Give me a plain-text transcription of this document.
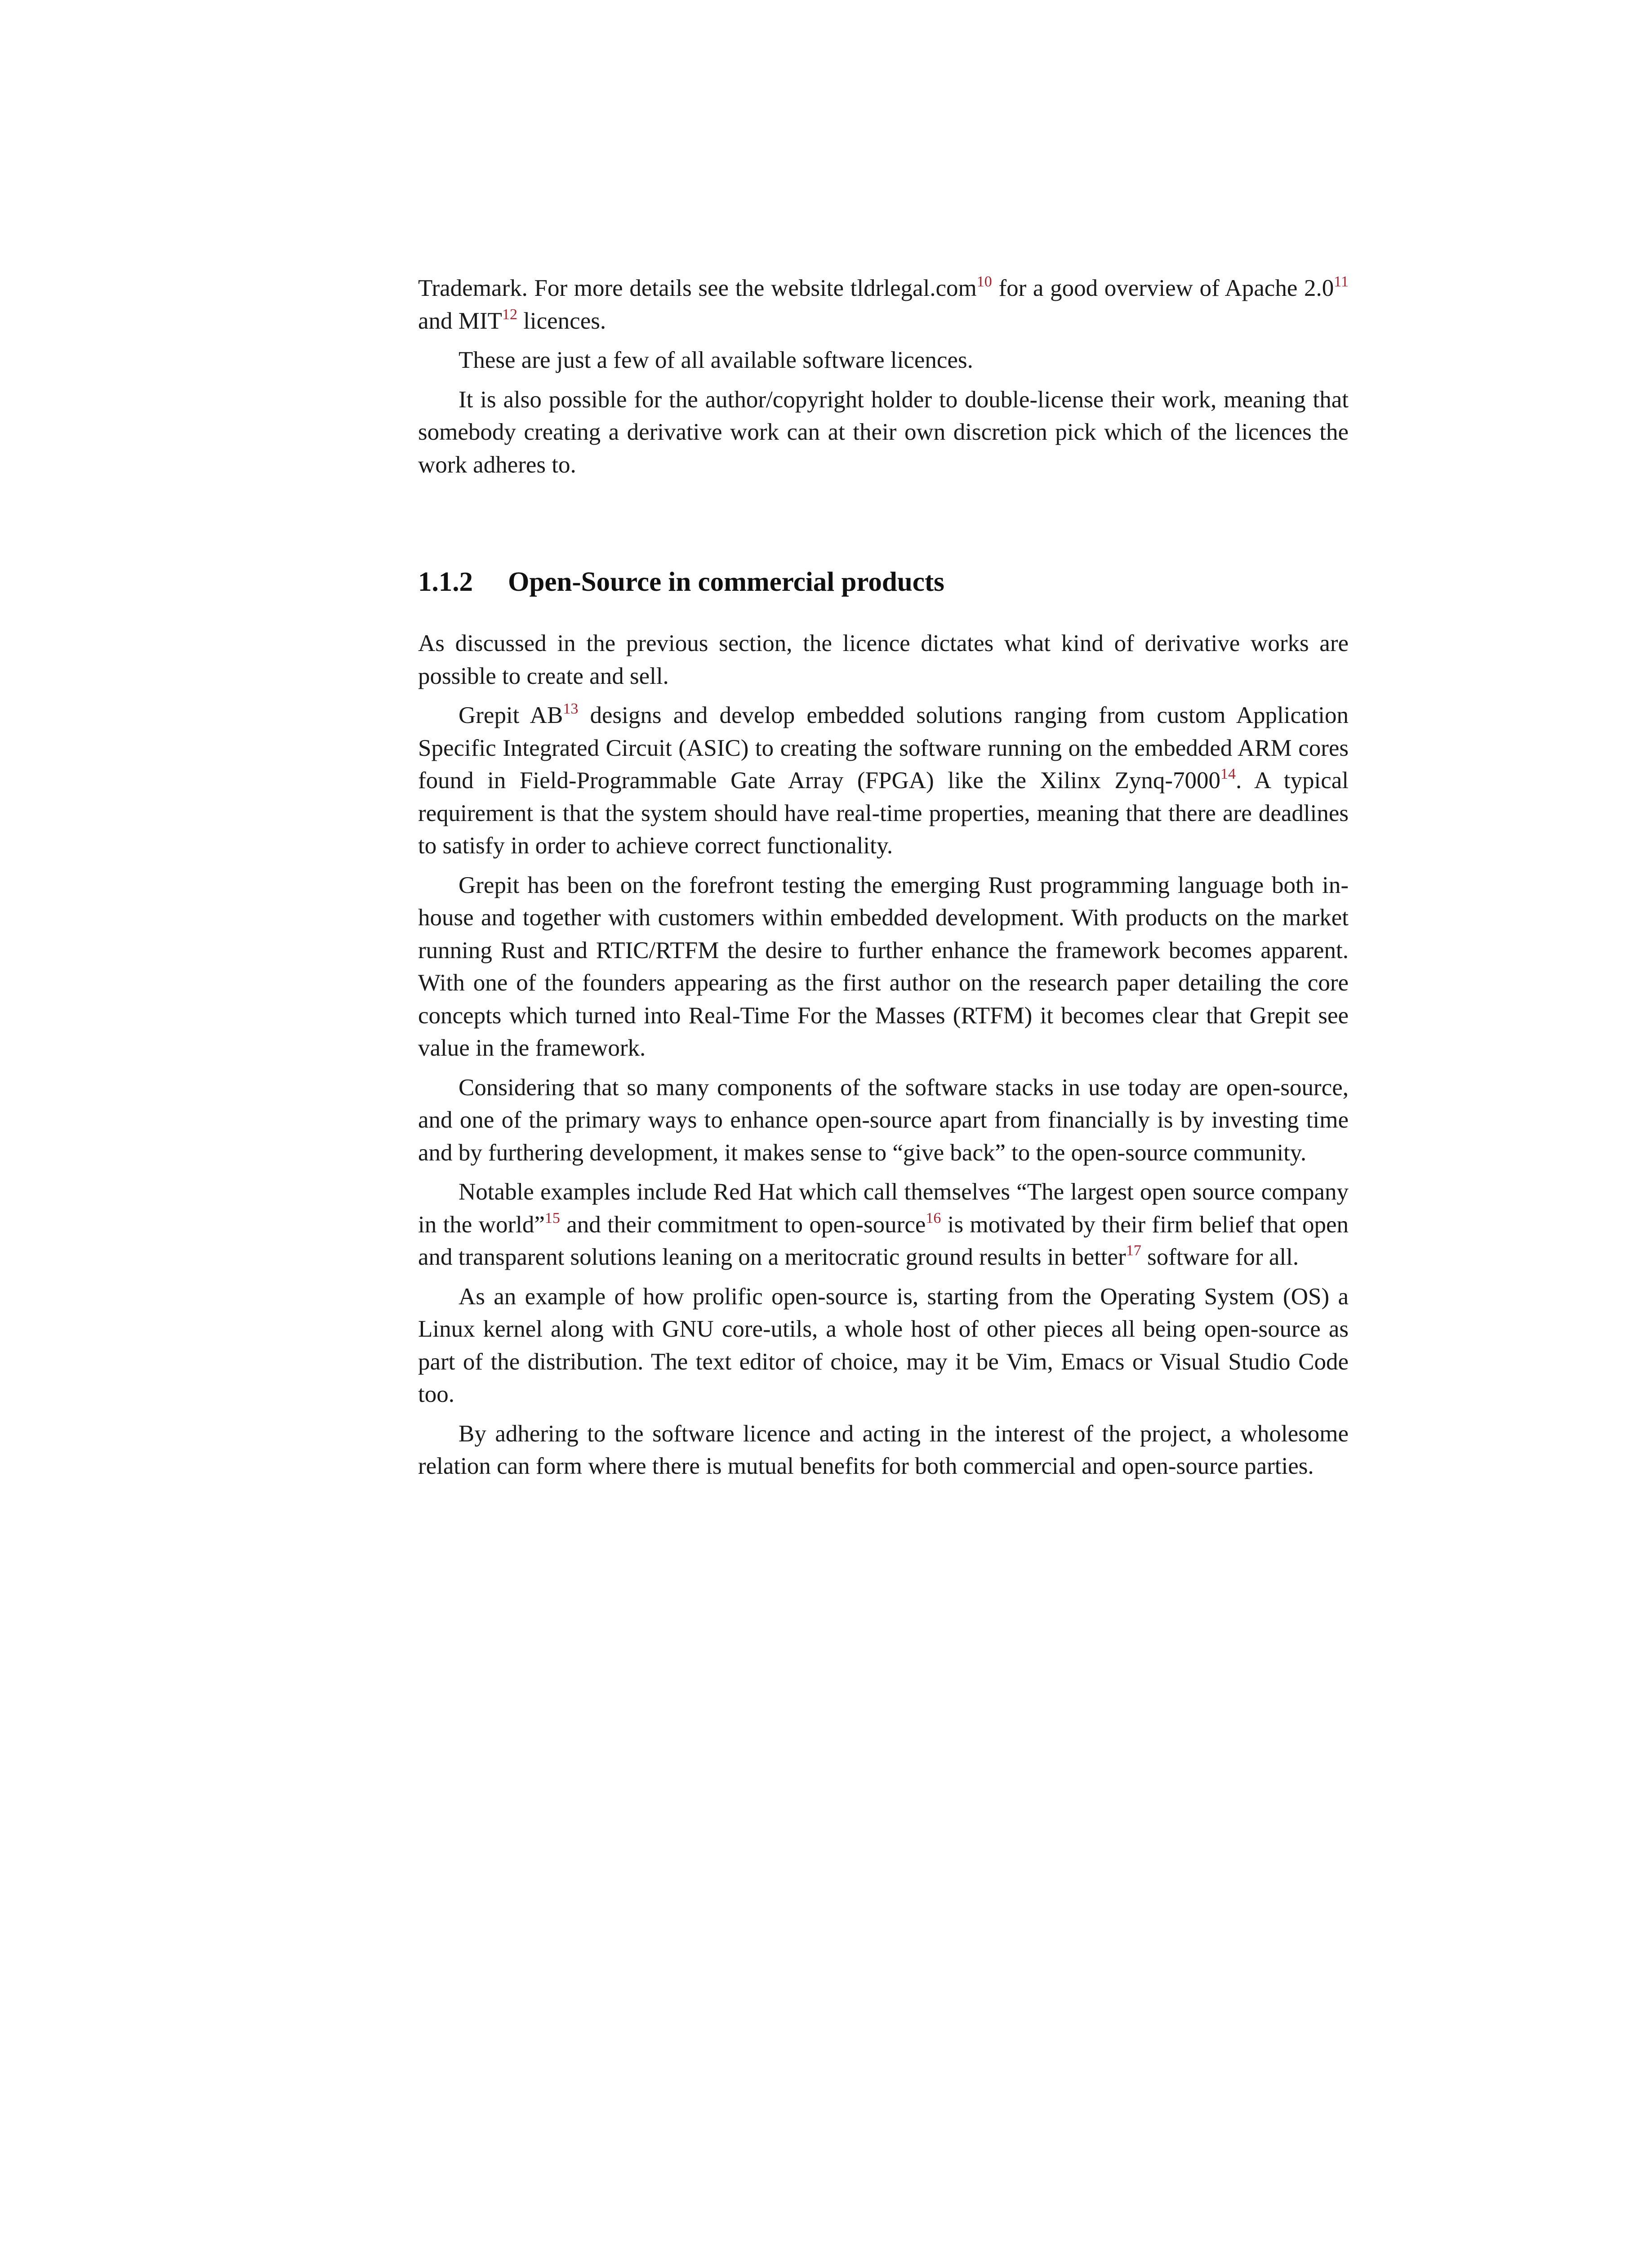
Trademark. For more details see the website tldrlegal.com$^{10}$ for a good overview of Apache 2.0$^{11}$ and MIT$^{12}$ licences.

These are just a few of all available software licences.

It is also possible for the author/copyright holder to double-license their work, meaning that somebody creating a derivative work can at their own discretion pick which of the licences the work adheres to.

1.1.2 Open-Source in commercial products

As discussed in the previous section, the licence dictates what kind of derivative works are possible to create and sell.

Grepit AB$^{13}$ designs and develop embedded solutions ranging from custom Application Specific Integrated Circuit (ASIC) to creating the software running on the embedded ARM cores found in Field-Programmable Gate Array (FPGA) like the Xilinx Zynq-7000$^{14}$. A typical requirement is that the system should have real-time properties, meaning that there are deadlines to satisfy in order to achieve correct functionality.

Grepit has been on the forefront testing the emerging Rust programming language both in-house and together with customers within embedded development. With products on the market running Rust and RTIC/RTFM the desire to further enhance the framework becomes apparent. With one of the founders appearing as the first author on the research paper detailing the core concepts which turned into Real-Time For the Masses (RTFM) it becomes clear that Grepit see value in the framework.

Considering that so many components of the software stacks in use today are open-source, and one of the primary ways to enhance open-source apart from financially is by investing time and by furthering development, it makes sense to “give back” to the open-source community.

Notable examples include Red Hat which call themselves “The largest open source company in the world”$^{15}$ and their commitment to open-source$^{16}$ is motivated by their firm belief that open and transparent solutions leaning on a meritocratic ground results in better$^{17}$ software for all.

As an example of how prolific open-source is, starting from the Operating System (OS) a Linux kernel along with GNU core-utils, a whole host of other pieces all being open-source as part of the distribution. The text editor of choice, may it be Vim, Emacs or Visual Studio Code too.

By adhering to the software licence and acting in the interest of the project, a wholesome relation can form where there is mutual benefits for both commercial and open-source parties.
